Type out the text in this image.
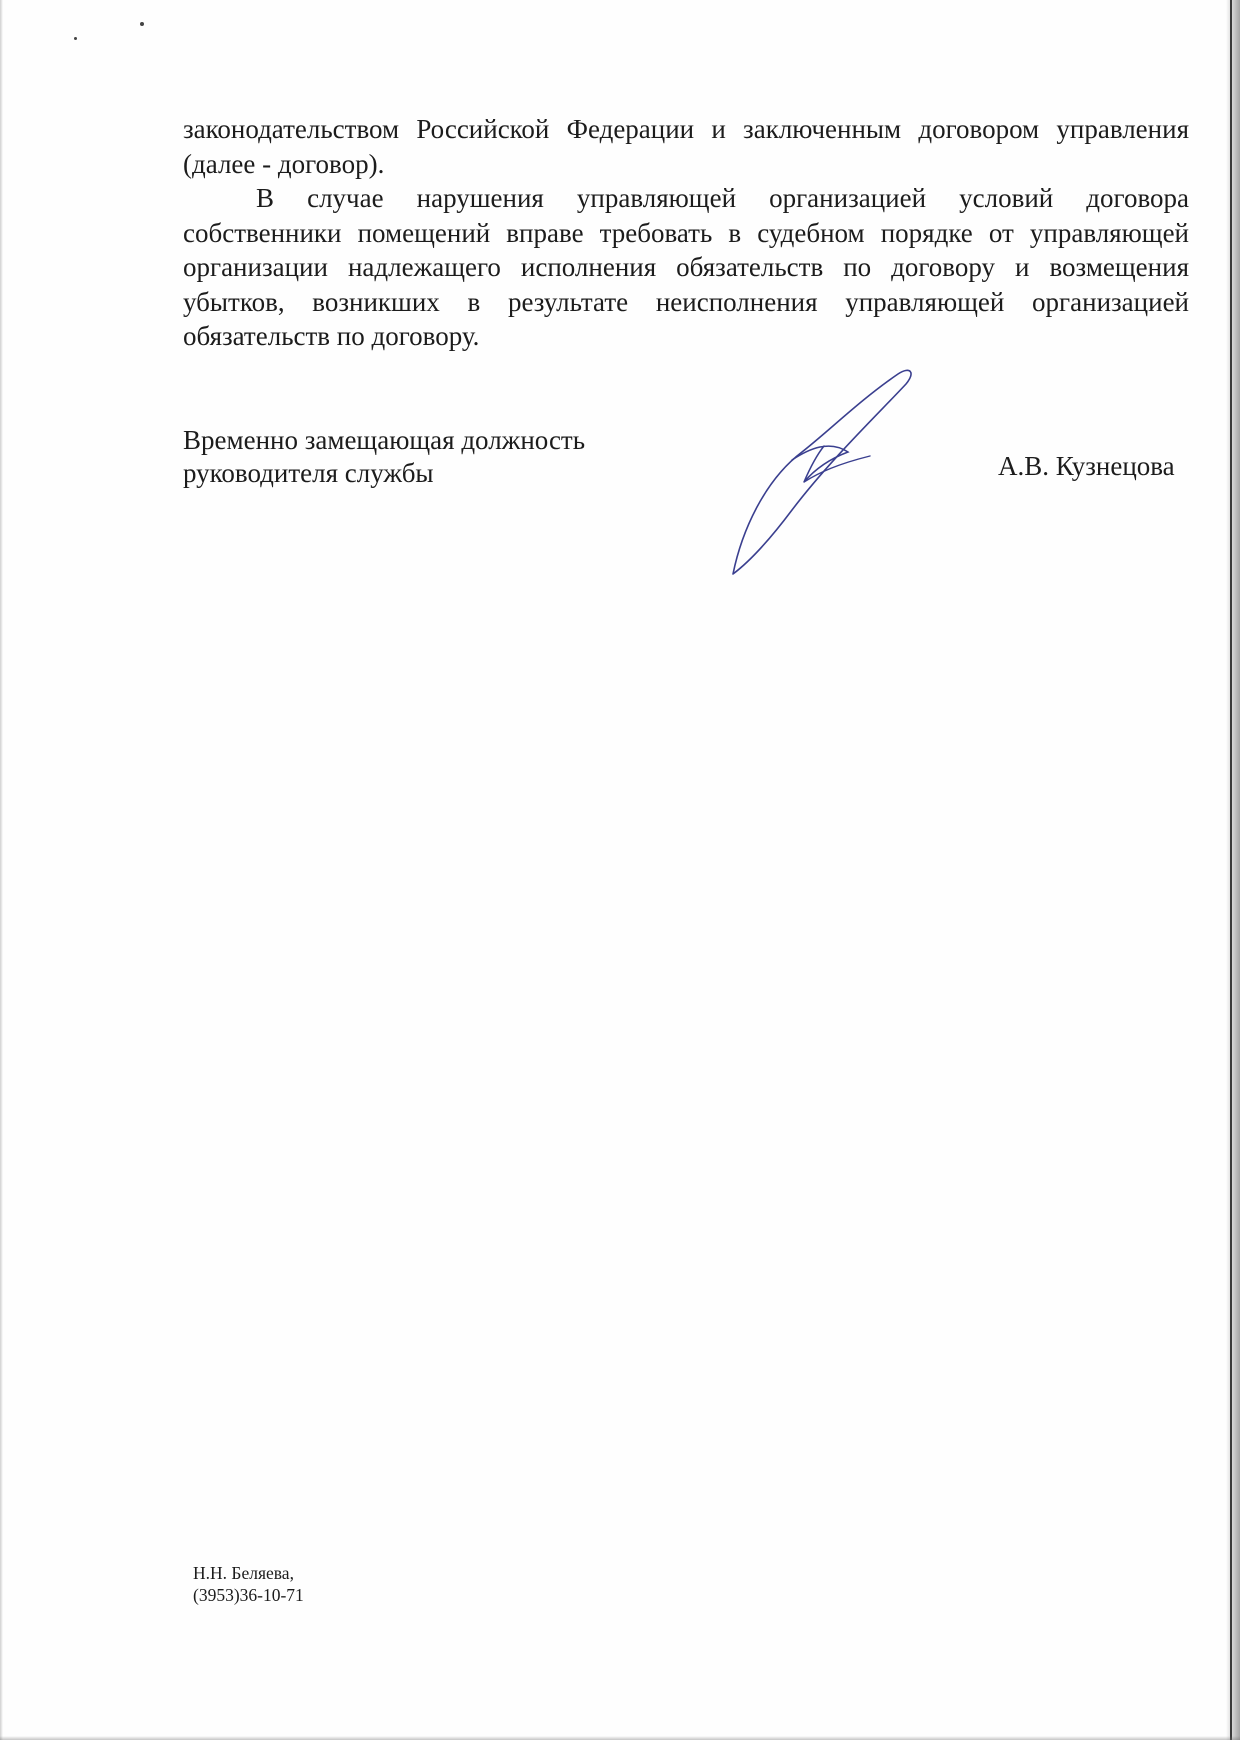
законодательством Российской Федерации и заключенным договором управления (далее - договор).

В случае нарушения управляющей организацией условий договора собственники помещений вправе требовать в судебном порядке от управляющей организации надлежащего исполнения обязательств по договору и возмещения убытков, возникших в результате неисполнения управляющей организацией обязательств по договору.

Временно замещающая должность
руководителя службы	А.В. Кузнецова
Н.Н. Беляева,
(3953)36-10-71
